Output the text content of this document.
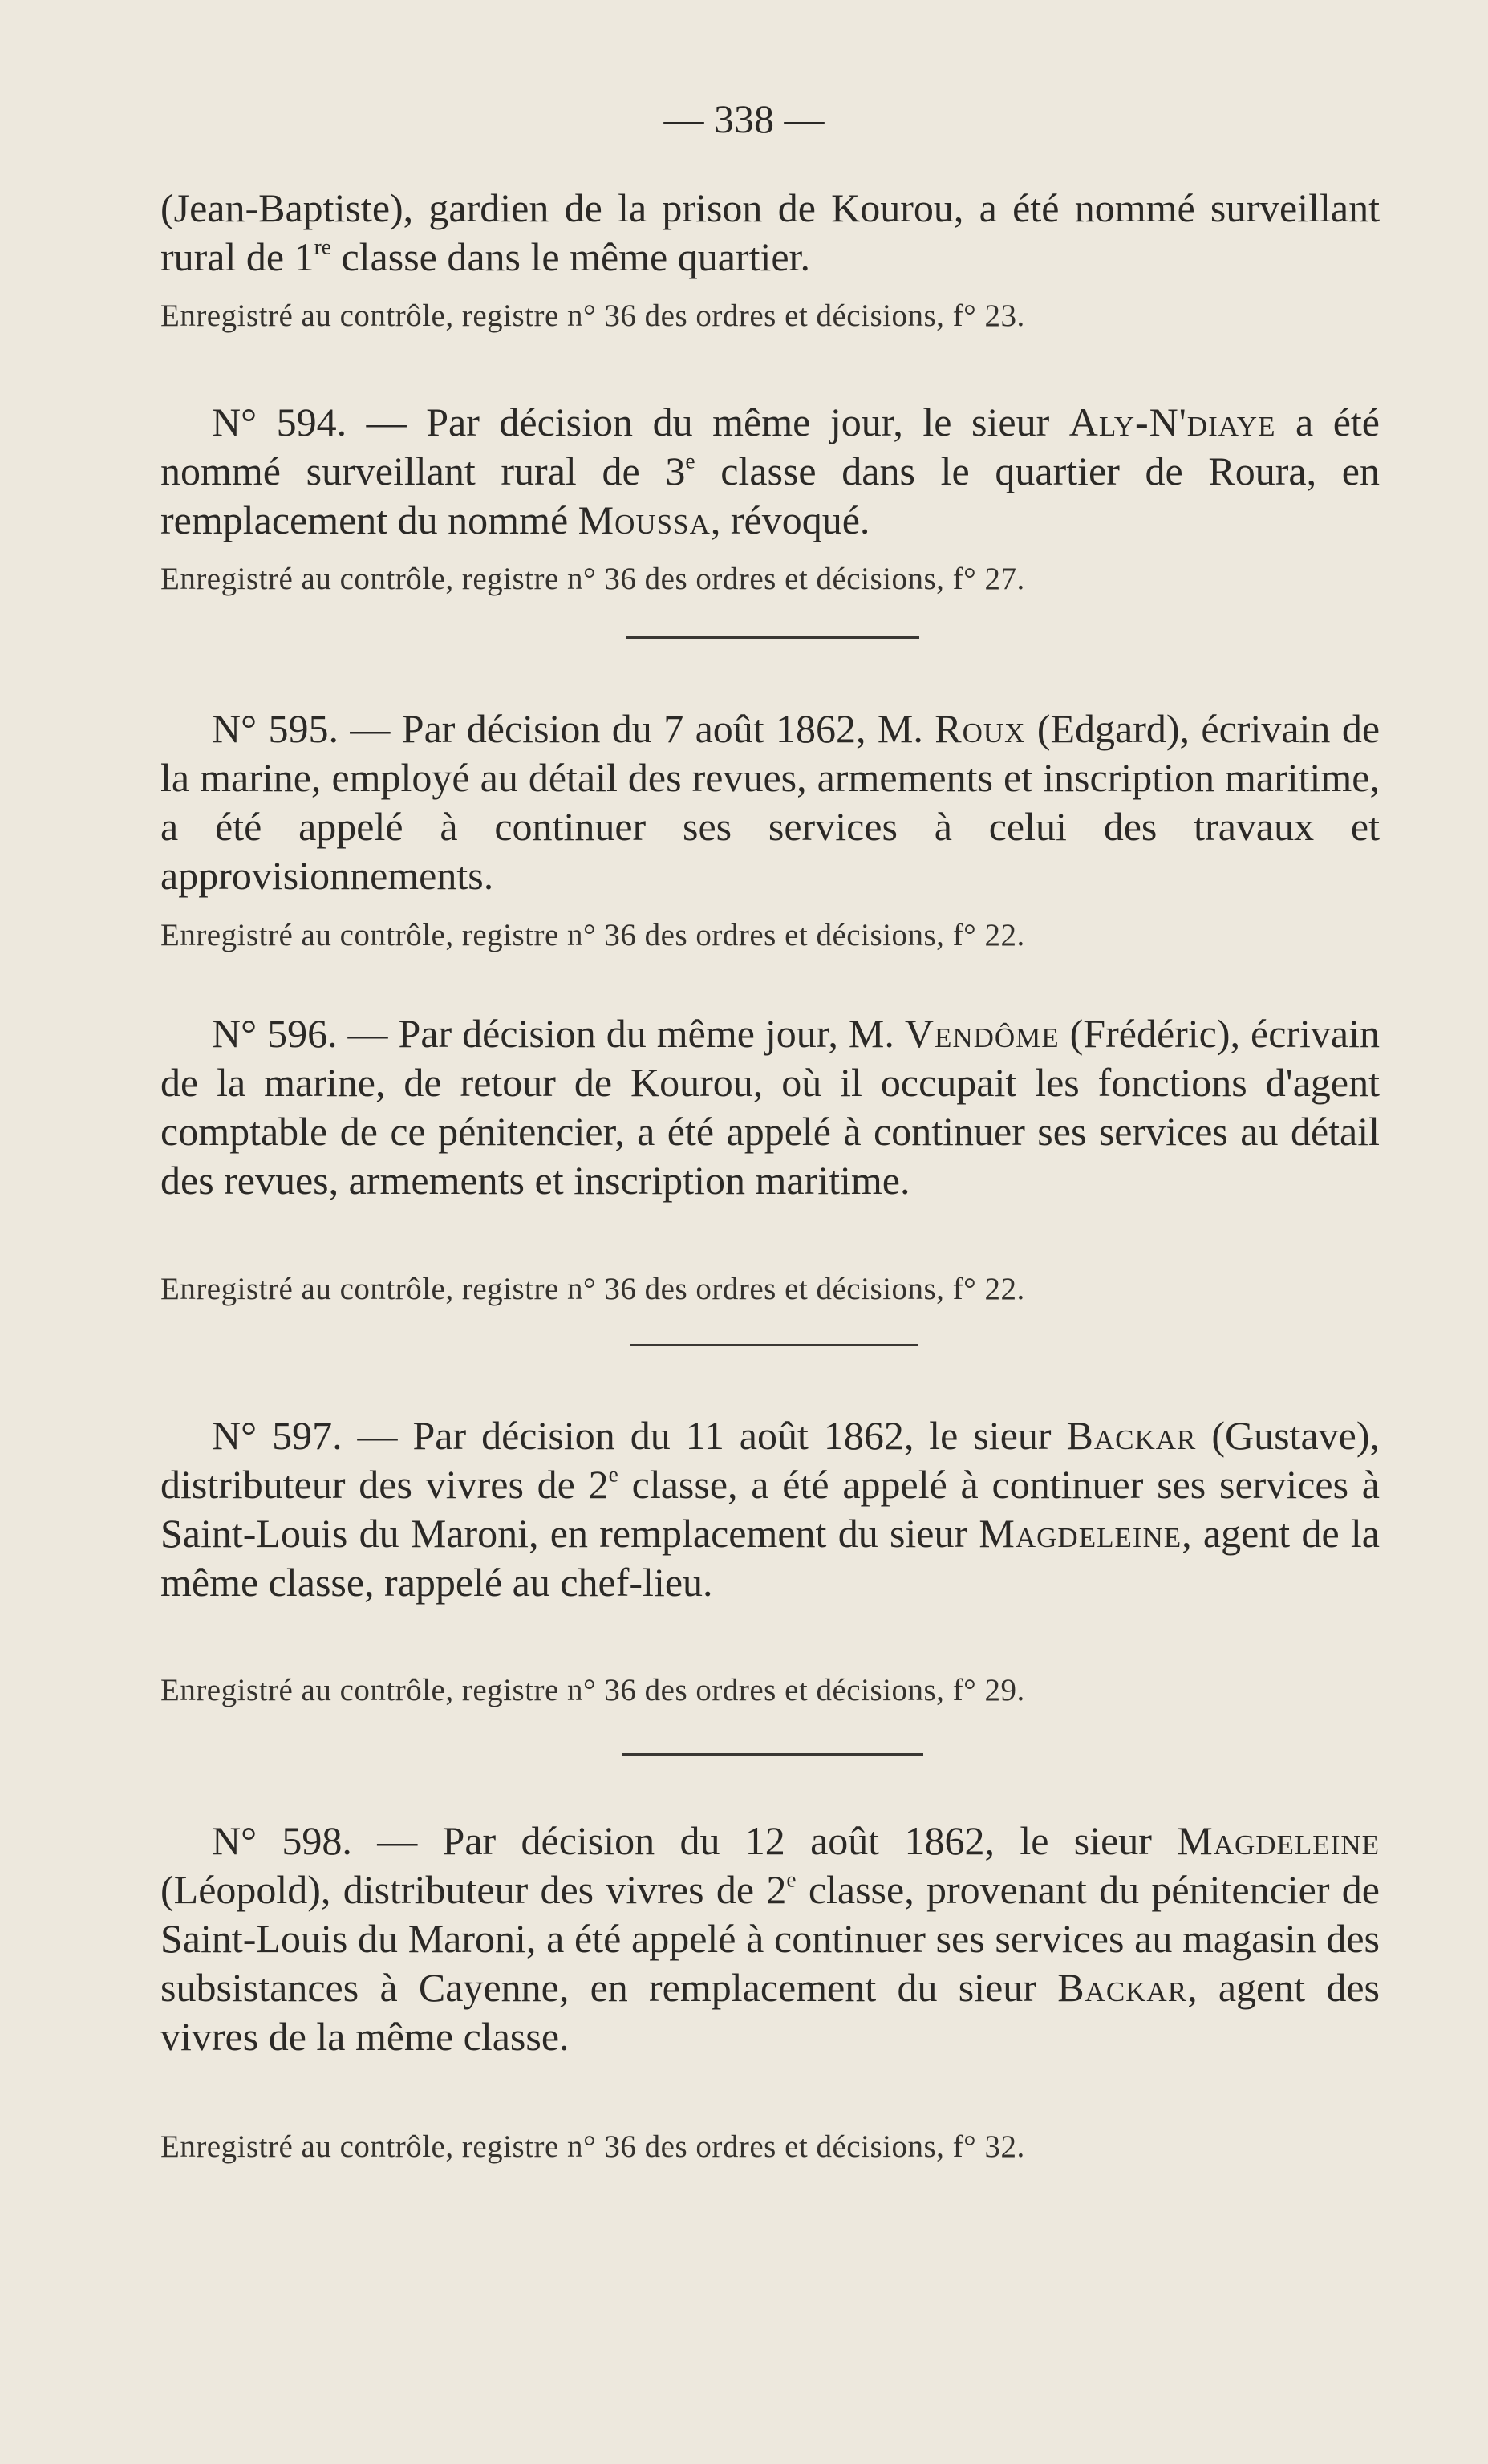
— 338 —

(Jean-Baptiste), gardien de la prison de Kourou, a été nommé surveillant rural de 1re classe dans le même quartier.

Enregistré au contrôle, registre n° 36 des ordres et décisions, f° 23.

N° 594. — Par décision du même jour, le sieur Aly-N'diaye a été nommé surveillant rural de 3e classe dans le quartier de Roura, en remplacement du nommé Moussa, révoqué.

Enregistré au contrôle, registre n° 36 des ordres et décisions, f° 27.

N° 595. — Par décision du 7 août 1862, M. Roux (Edgard), écrivain de la marine, employé au détail des revues, armements et inscription maritime, a été appelé à continuer ses services à celui des travaux et approvisionnements.

Enregistré au contrôle, registre n° 36 des ordres et décisions, f° 22.

N° 596. — Par décision du même jour, M. Vendôme (Frédéric), écrivain de la marine, de retour de Kourou, où il occupait les fonctions d'agent comptable de ce pénitencier, a été appelé à continuer ses services au détail des revues, armements et inscription maritime.

Enregistré au contrôle, registre n° 36 des ordres et décisions, f° 22.

N° 597. — Par décision du 11 août 1862, le sieur Backar (Gustave), distributeur des vivres de 2e classe, a été appelé à continuer ses services à Saint-Louis du Maroni, en remplacement du sieur Magdeleine, agent de la même classe, rappelé au chef-lieu.

Enregistré au contrôle, registre n° 36 des ordres et décisions, f° 29.

N° 598. — Par décision du 12 août 1862, le sieur Magdeleine (Léopold), distributeur des vivres de 2e classe, provenant du pénitencier de Saint-Louis du Maroni, a été appelé à continuer ses services au magasin des subsistances à Cayenne, en remplacement du sieur Backar, agent des vivres de la même classe.

Enregistré au contrôle, registre n° 36 des ordres et décisions, f° 32.
